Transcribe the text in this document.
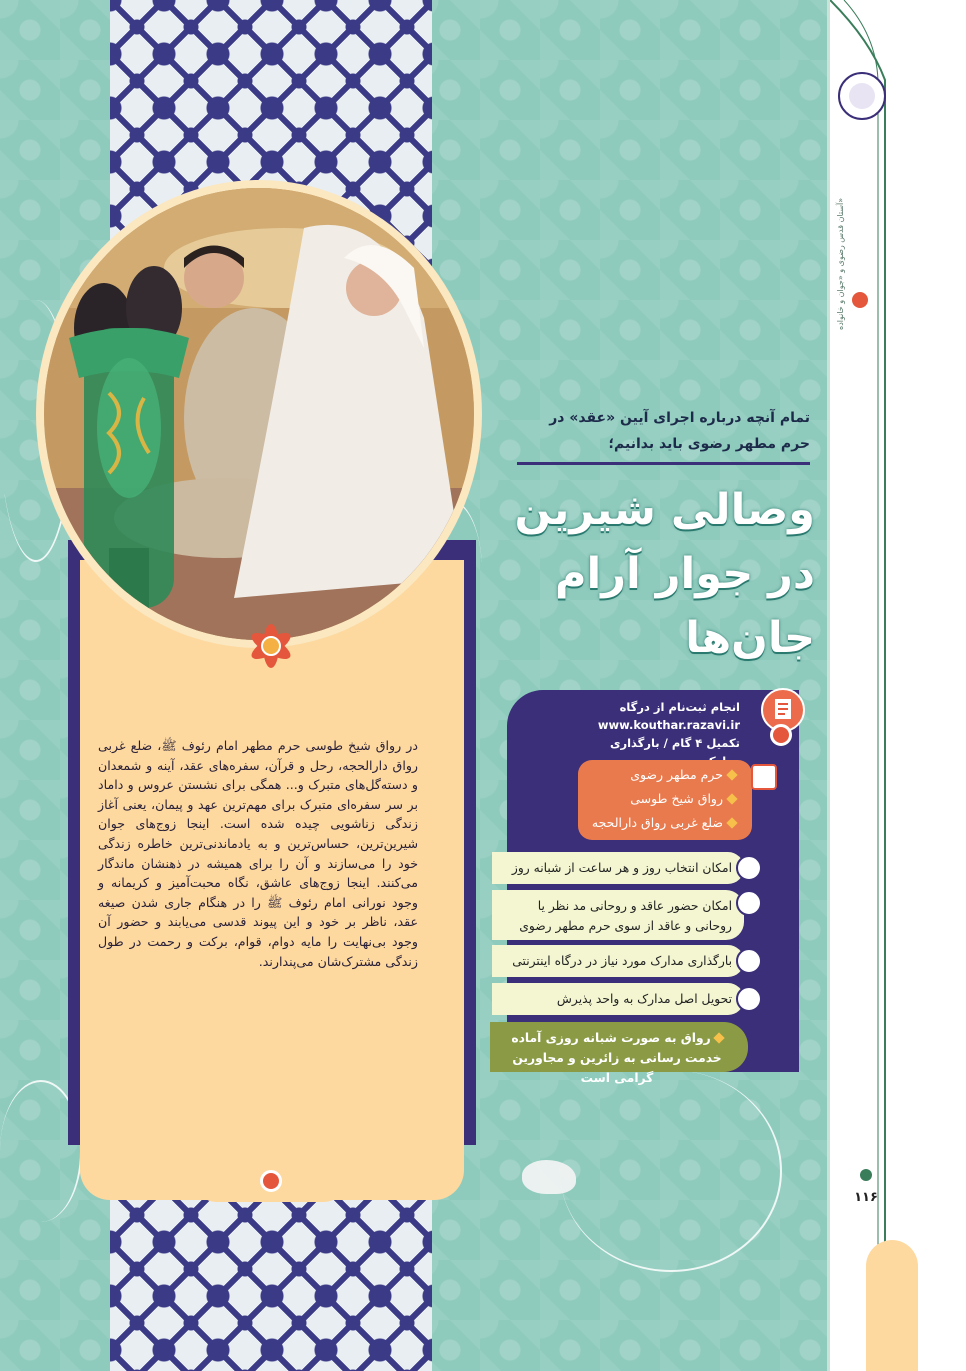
در رواق شیخ طوسی حرم مطهر امام رئوف ﷺ، ضلع غربی رواق دارالحجه، رحل و قرآن، سفره‌های عقد، آینه و شمعدان و دسته‌گل‌های متبرک و... همگی برای نشستن عروس و داماد بر سر سفره‌ای متبرک برای مهم‌ترین عهد و پیمان، یعنی آغاز زندگی زناشویی چیده شده است. اینجا زوج‌های جوان شیرین‌ترین، حساس‌ترین و به یادماندنی‌ترین خاطره زندگی خود را می‌سازند و آن را برای همیشه در ذهنشان ماندگار می‌کنند. اینجا زوج‌های عاشق، نگاه محبت‌آمیز و کریمانه و وجود نورانی امام رئوف ﷺ را در هنگام جاری شدن صیغه عقد، ناظر بر خود و این پیوند قدسی می‌یابند و حضور آن وجود بی‌نهایت را مایه دوام، قوام، برکت و رحمت در طول زندگی مشترک‌شان می‌پندارند.
تمام آنچه درباره اجرای آیین «عقد» در حرم مطهر رضوی باید بدانیم؛
وصالی شیرین
در جوار آرام جان‌ها
انجام ثبت‌نام از درگاه
www.kouthar.razavi.ir
تکمیل ۴ گام / بارگذاری
حرم مطهر رضوی
رواق شیخ طوسی
ضلع غربی رواق دارالحجه
امکان انتخاب روز و هر ساعت از شبانه روز
امکان حضور عاقد و روحانی مد نظر یا روحانی و عاقد از سوی حرم مطهر رضوی
بارگذاری مدارک مورد نیاز در درگاه اینترنتی
تحویل اصل مدارک به واحد پذیرش
رواق به صورت شبانه روزی آماده خدمت رسانی به زائرین و مجاورین گرامی است
آستان قدس رضوی و «جوان و خانواده»
۱۱۶
